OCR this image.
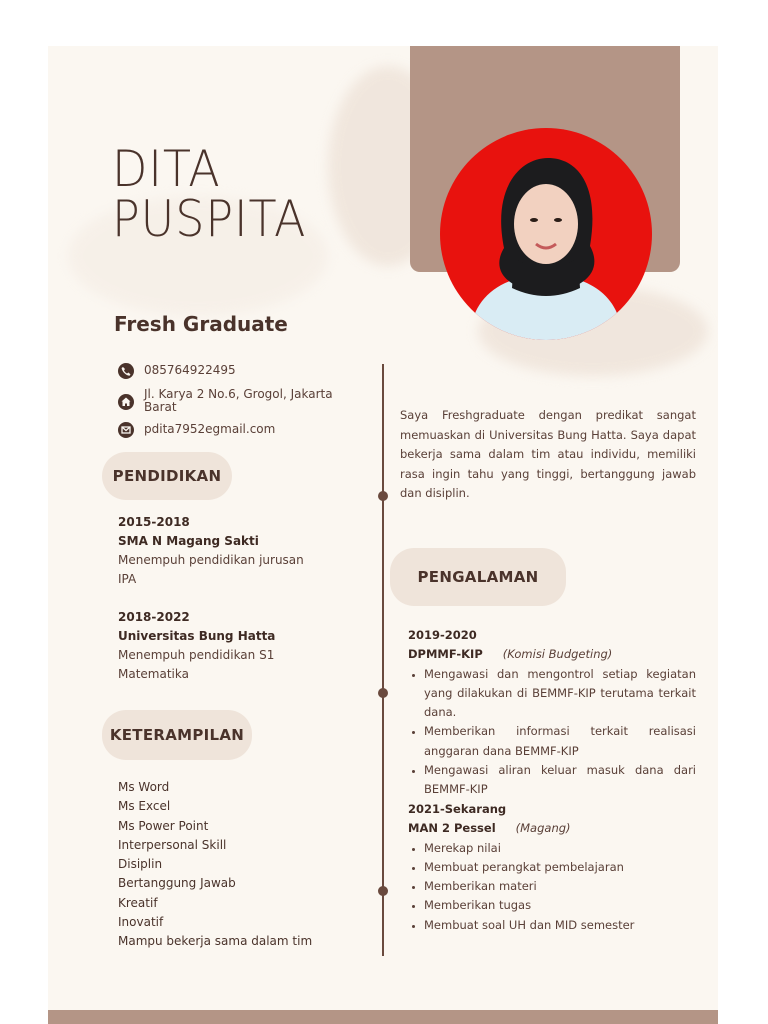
DITA
PUSPITA
Fresh Graduate
085764922495
Jl. Karya 2 No.6, Grogol, Jakarta Barat
pdita7952egmail.com
PENDIDIKAN
2015-2018
SMA N Magang Sakti
Menempuh pendidikan jurusan IPA
2018-2022
Universitas Bung Hatta
Menempuh pendidikan S1 Matematika
KETERAMPILAN
Ms Word
Ms Excel
Ms Power Point
Interpersonal Skill
Disiplin
Bertanggung Jawab
Kreatif
Inovatif
Mampu bekerja sama dalam tim
Saya Freshgraduate dengan predikat sangat memuaskan di Universitas Bung Hatta. Saya dapat bekerja sama dalam tim atau individu, memiliki rasa ingin tahu yang tinggi, bertanggung jawab dan disiplin.
PENGALAMAN
2019-2020
DPMMF-KIP (Komisi Budgeting)
• Mengawasi dan mengontrol setiap kegiatan yang dilakukan di BEMMF-KIP terutama terkait dana.
• Memberikan informasi terkait realisasi anggaran dana BEMMF-KIP
• Mengawasi aliran keluar masuk dana dari BEMMF-KIP
2021-Sekarang
MAN 2 Pessel (Magang)
• Merekap nilai
• Membuat perangkat pembelajaran
• Memberikan materi
• Memberikan tugas
• Membuat soal UH dan MID semester
